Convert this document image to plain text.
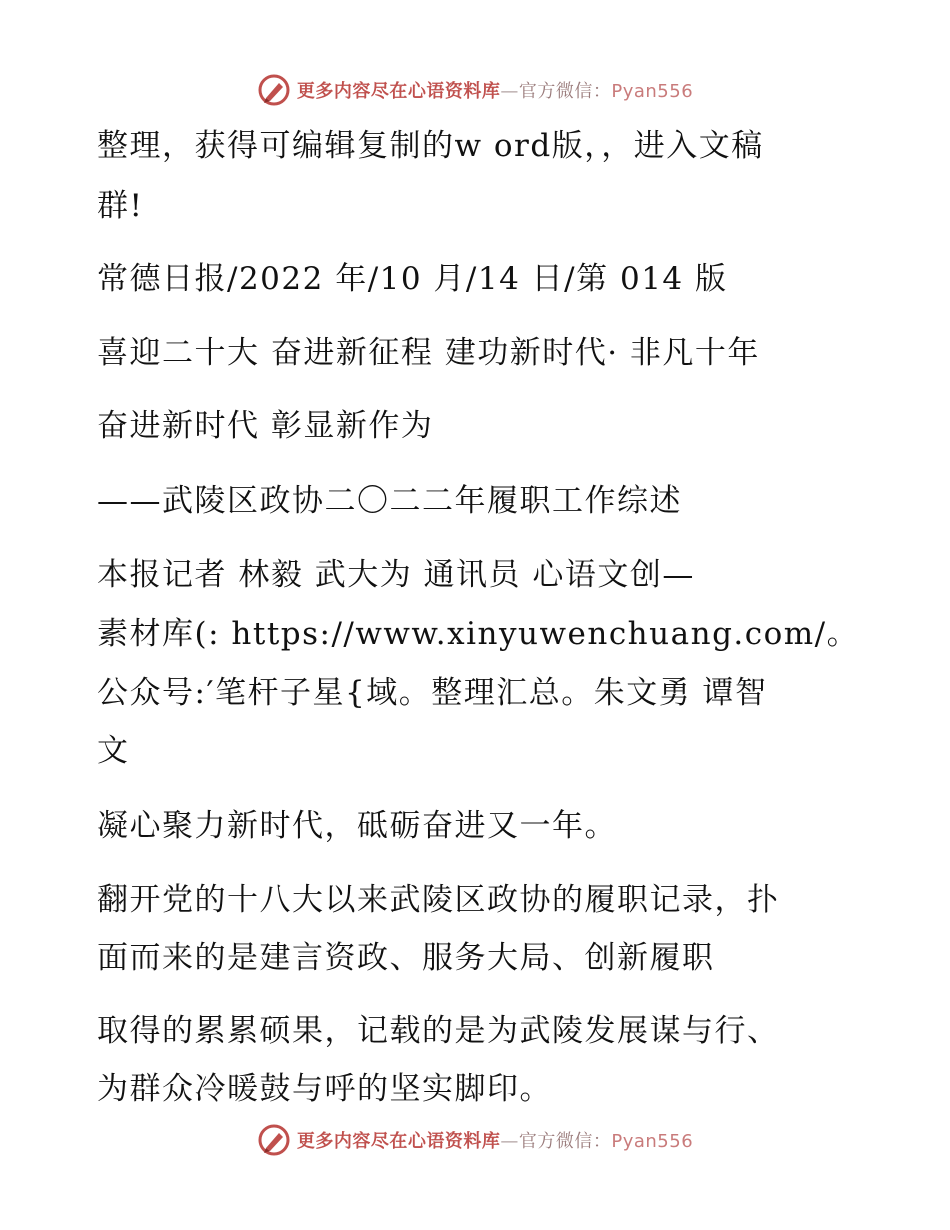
更多内容尽在心语资料库—官方微信：Pyan556
整理，获得可编辑复制的w ord版，，进入文稿
群!
常德日报/2022 年/10 月/14 日/第 014 版
喜迎二十大 奋进新征程 建功新时代· 非凡十年
奋进新时代 彰显新作为
——武陵区政协二〇二二年履职工作综述
本报记者 林毅 武大为 通讯员 心语文创—
素材库(: https://www.xinyuwenchuang.com/。
公众号:′笔杆子星{域。整理汇总。朱文勇 谭智
文
凝心聚力新时代，砥砺奋进又一年。
翻开党的十八大以来武陵区政协的履职记录，扑
面而来的是建言资政、服务大局、创新履职
取得的累累硕果，记载的是为武陵发展谋与行、
为群众冷暖鼓与呼的坚实脚印。
更多内容尽在心语资料库—官方微信：Pyan556
